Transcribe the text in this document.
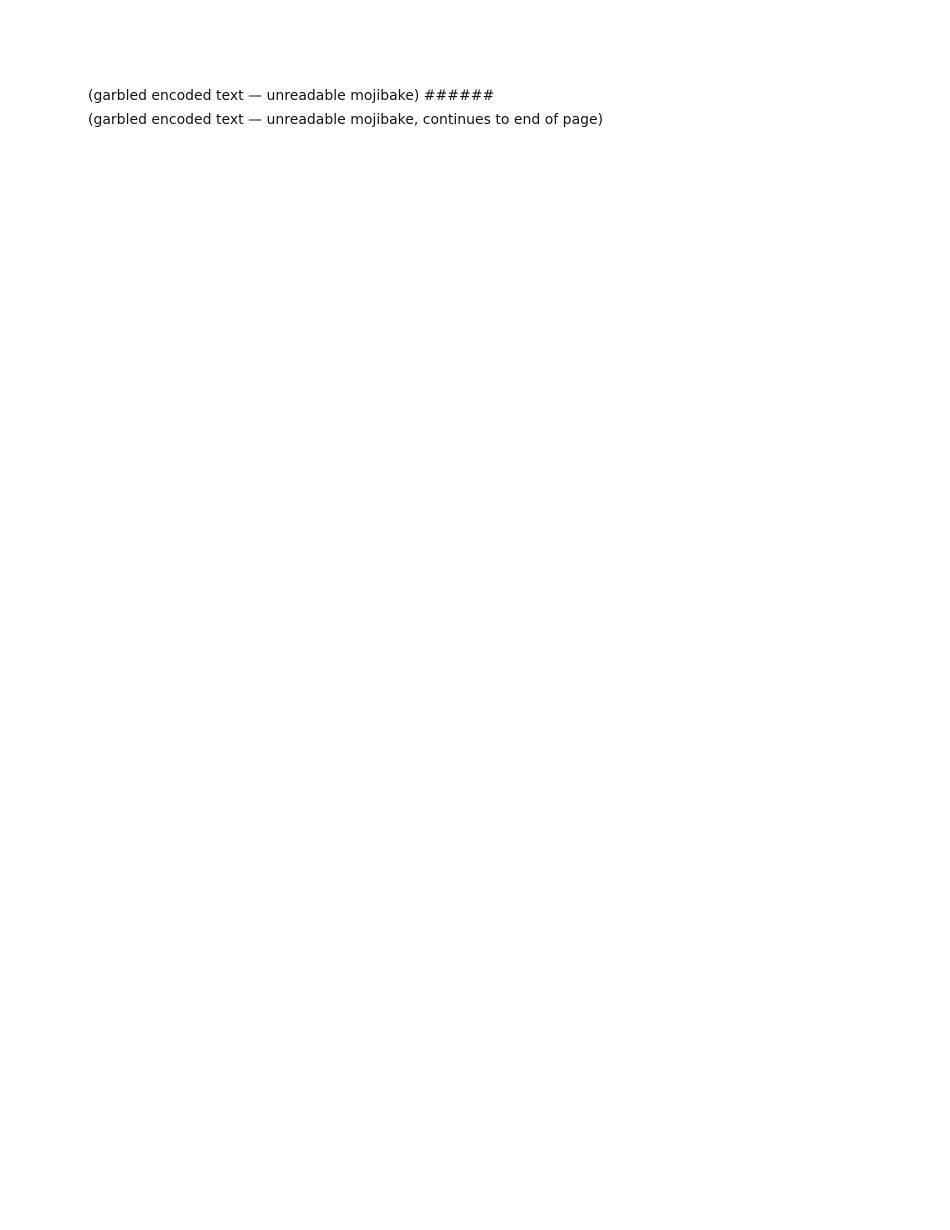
(garbled encoded text — unreadable mojibake) ######

(garbled encoded text — unreadable mojibake, continues to end of page)
